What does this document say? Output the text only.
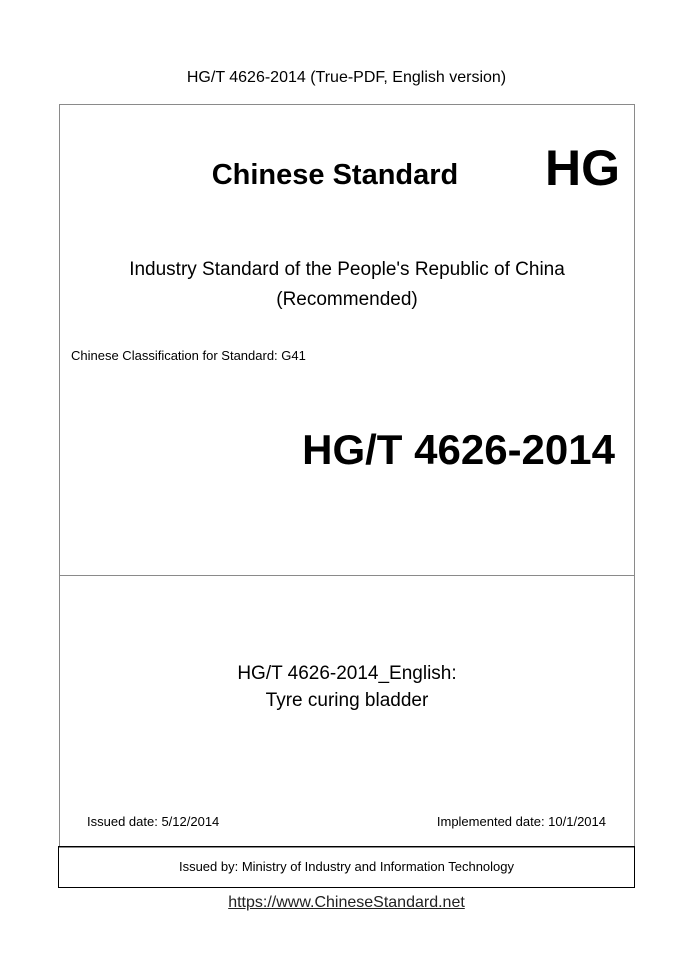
HG/T 4626-2014 (True-PDF, English version)
Chinese Standard	HG
Industry Standard of the People's Republic of China
(Recommended)
Chinese Classification for Standard: G41
HG/T 4626-2014
HG/T 4626-2014_English:
Tyre curing bladder
Issued date: 5/12/2014	Implemented date: 10/1/2014
Issued by: Ministry of Industry and Information Technology
https://www.ChineseStandard.net
